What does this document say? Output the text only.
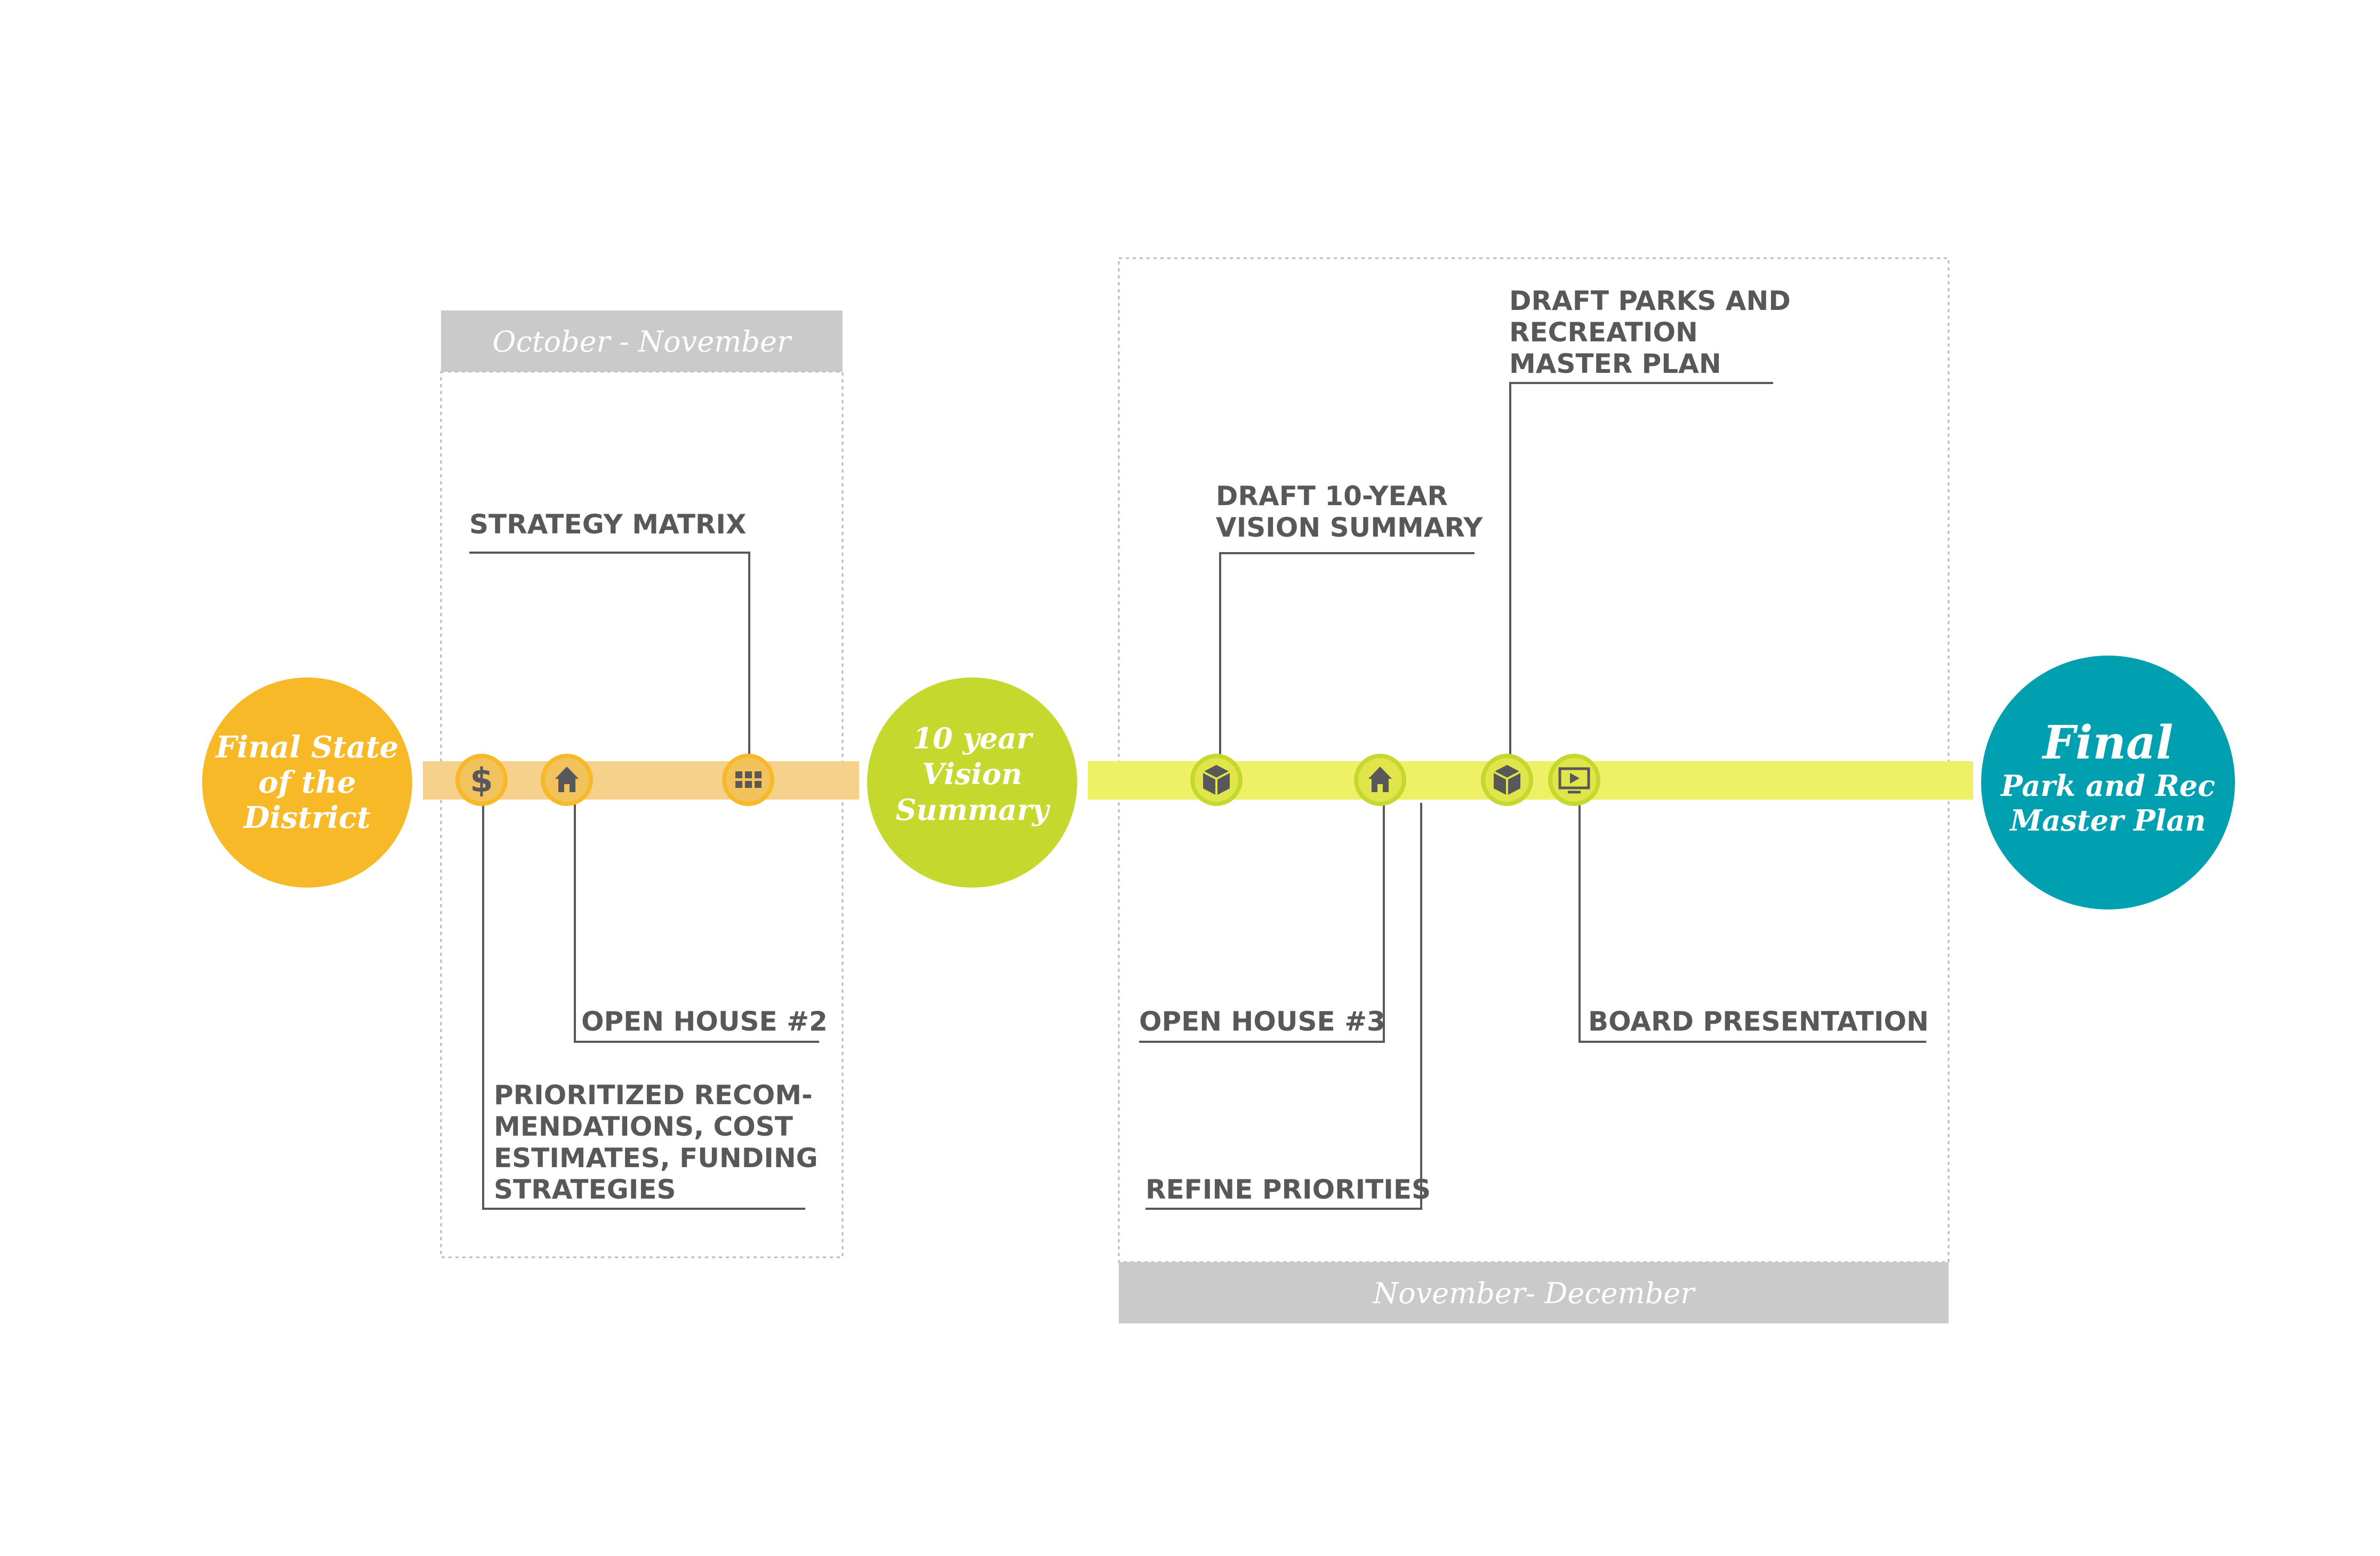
October - November
November- December
Final State
of the
District
10 year
Vision
Summary
Final
Park and Rec
Master Plan
$
STRATEGY MATRIX
OPEN HOUSE #2
PRIORITIZED RECOM-
MENDATIONS, COST
ESTIMATES, FUNDING
STRATEGIES
DRAFT 10-YEAR
VISION SUMMARY
DRAFT PARKS AND
RECREATION
MASTER PLAN
OPEN HOUSE #3
REFINE PRIORITIES
BOARD PRESENTATION
